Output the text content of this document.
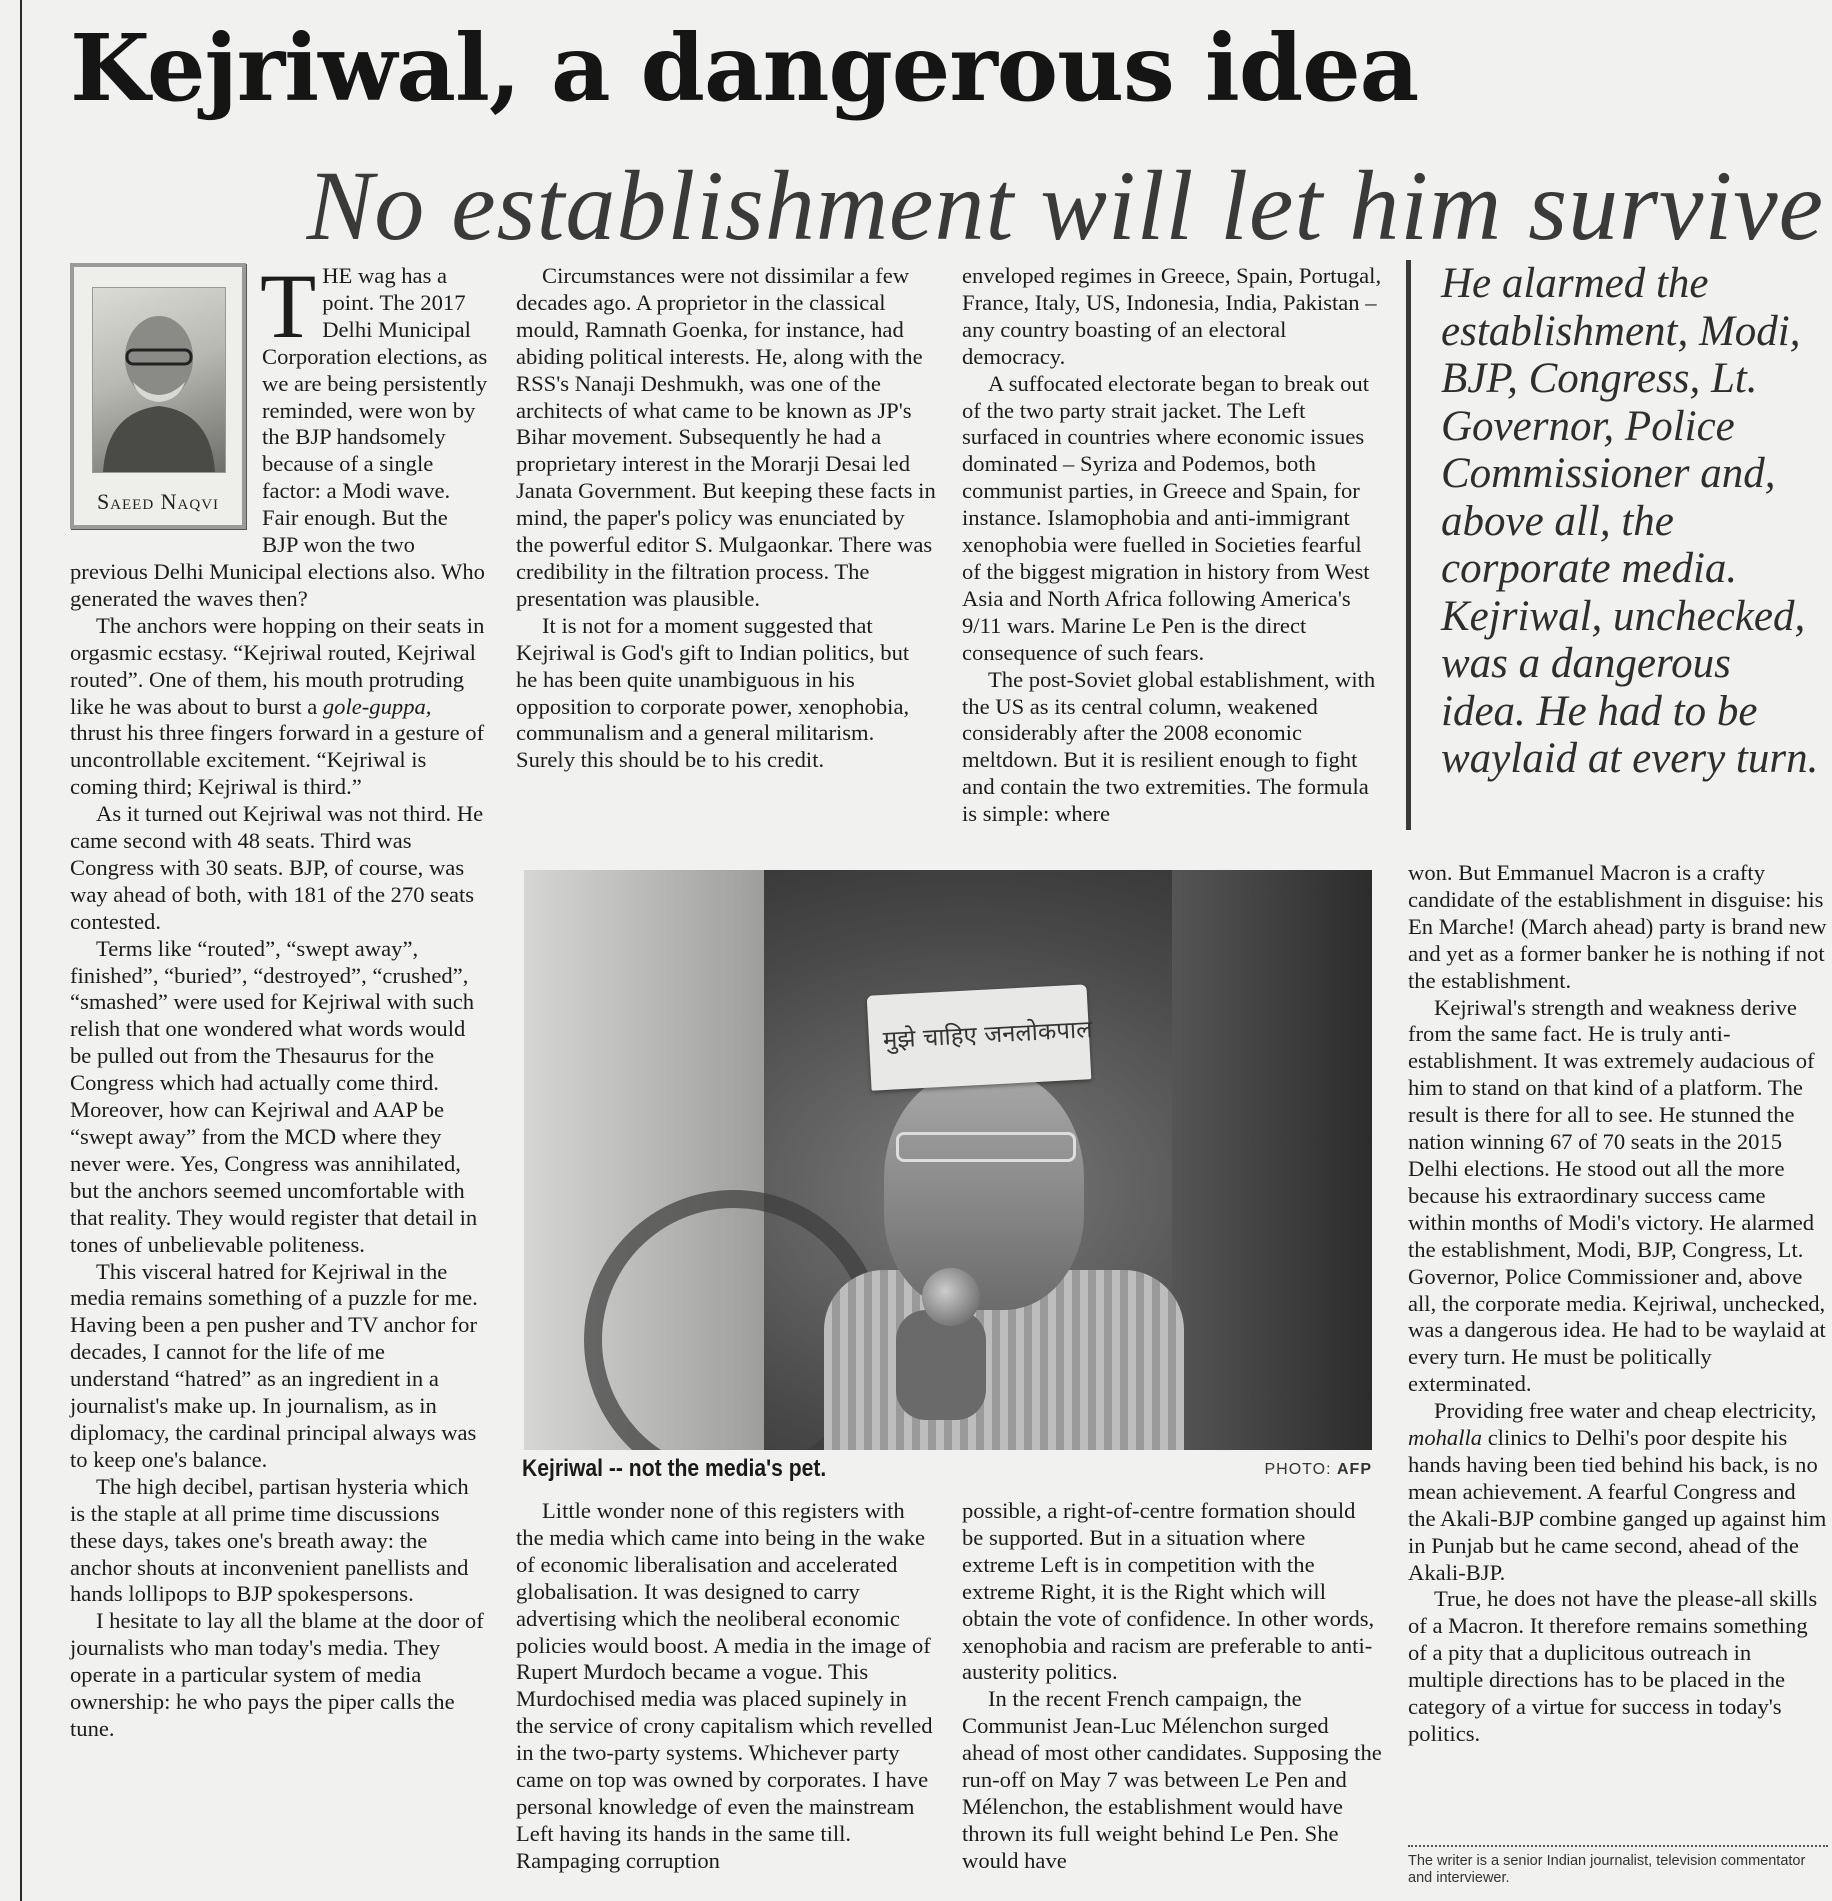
Kejriwal, a dangerous idea
No establishment will let him survive
Saeed Naqvi
T HE wag has a point. The 2017 Delhi Municipal Corporation elections, as we are being persistently reminded, were won by the BJP handsomely because of a single factor: a Modi wave. Fair enough. But the BJP won the two previous Delhi Municipal elections also. Who generated the waves then?

The anchors were hopping on their seats in orgasmic ecstasy. “Kejriwal routed, Kejriwal routed”. One of them, his mouth protruding like he was about to burst a gole-guppa, thrust his three fingers forward in a gesture of uncontrollable excitement. “Kejriwal is coming third; Kejriwal is third.”

As it turned out Kejriwal was not third. He came second with 48 seats. Third was Congress with 30 seats. BJP, of course, was way ahead of both, with 181 of the 270 seats contested.

Terms like “routed”, “swept away”, finished”, “buried”, “destroyed”, “crushed”, “smashed” were used for Kejriwal with such relish that one wondered what words would be pulled out from the Thesaurus for the Congress which had actually come third. Moreover, how can Kejriwal and AAP be “swept away” from the MCD where they never were. Yes, Congress was annihilated, but the anchors seemed uncomfortable with that reality. They would register that detail in tones of unbelievable politeness.

This visceral hatred for Kejriwal in the media remains something of a puzzle for me. Having been a pen pusher and TV anchor for decades, I cannot for the life of me understand “hatred” as an ingredient in a journalist's make up. In journalism, as in diplomacy, the cardinal principal always was to keep one's balance.

The high decibel, partisan hysteria which is the staple at all prime time discussions these days, takes one's breath away: the anchor shouts at inconvenient panellists and hands lollipops to BJP spokespersons.

I hesitate to lay all the blame at the door of journalists who man today's media. They operate in a particular system of media ownership: he who pays the piper calls the tune.

Circumstances were not dissimilar a few decades ago. A proprietor in the classical mould, Ramnath Goenka, for instance, had abiding political interests. He, along with the RSS's Nanaji Deshmukh, was one of the architects of what came to be known as JP's Bihar movement. Subsequently he had a proprietary interest in the Morarji Desai led Janata Government. But keeping these facts in mind, the paper's policy was enunciated by the powerful editor S. Mulgaonkar. There was credibility in the filtration process. The presentation was plausible.

It is not for a moment suggested that Kejriwal is God's gift to Indian politics, but he has been quite unambiguous in his opposition to corporate power, xenophobia, communalism and a general militarism. Surely this should be to his credit.

enveloped regimes in Greece, Spain, Portugal, France, Italy, US, Indonesia, India, Pakistan – any country boasting of an electoral democracy.

A suffocated electorate began to break out of the two party strait jacket. The Left surfaced in countries where economic issues dominated – Syriza and Podemos, both communist parties, in Greece and Spain, for instance. Islamophobia and anti-immigrant xenophobia were fuelled in Societies fearful of the biggest migration in history from West Asia and North Africa following America's 9/11 wars. Marine Le Pen is the direct consequence of such fears.

The post-Soviet global establishment, with the US as its central column, weakened considerably after the 2008 economic meltdown. But it is resilient enough to fight and contain the two extremities. The formula is simple: where

He alarmed the establishment, Modi, BJP, Congress, Lt. Governor, Police Commissioner and, above all, the corporate media. Kejriwal, unchecked, was a dangerous idea. He had to be waylaid at every turn.
मुझे चाहिए जनलोकपाल
Kejriwal -- not the media's pet.	PHOTO: AFP

Little wonder none of this registers with the media which came into being in the wake of economic liberalisation and accelerated globalisation. It was designed to carry advertising which the neoliberal economic policies would boost. A media in the image of Rupert Murdoch became a vogue. This Murdochised media was placed supinely in the service of crony capitalism which revelled in the two-party systems. Whichever party came on top was owned by corporates. I have personal knowledge of even the mainstream Left having its hands in the same till. Rampaging corruption

possible, a right-of-centre formation should be supported. But in a situation where extreme Left is in competition with the extreme Right, it is the Right which will obtain the vote of confidence. In other words, xenophobia and racism are preferable to anti-austerity politics.

In the recent French campaign, the Communist Jean-Luc Mélenchon surged ahead of most other candidates. Supposing the run-off on May 7 was between Le Pen and Mélenchon, the establishment would have thrown its full weight behind Le Pen. She would have

won. But Emmanuel Macron is a crafty candidate of the establishment in disguise: his En Marche! (March ahead) party is brand new and yet as a former banker he is nothing if not the establishment.

Kejriwal's strength and weakness derive from the same fact. He is truly anti-establishment. It was extremely audacious of him to stand on that kind of a platform. The result is there for all to see. He stunned the nation winning 67 of 70 seats in the 2015 Delhi elections. He stood out all the more because his extraordinary success came within months of Modi's victory. He alarmed the establishment, Modi, BJP, Congress, Lt. Governor, Police Commissioner and, above all, the corporate media. Kejriwal, unchecked, was a dangerous idea. He had to be waylaid at every turn. He must be politically exterminated.

Providing free water and cheap electricity, mohalla clinics to Delhi's poor despite his hands having been tied behind his back, is no mean achievement. A fearful Congress and the Akali-BJP combine ganged up against him in Punjab but he came second, ahead of the Akali-BJP.

True, he does not have the please-all skills of a Macron. It therefore remains something of a pity that a duplicitous outreach in multiple directions has to be placed in the category of a virtue for success in today's politics.

The writer is a senior Indian journalist, television commentator and interviewer.
